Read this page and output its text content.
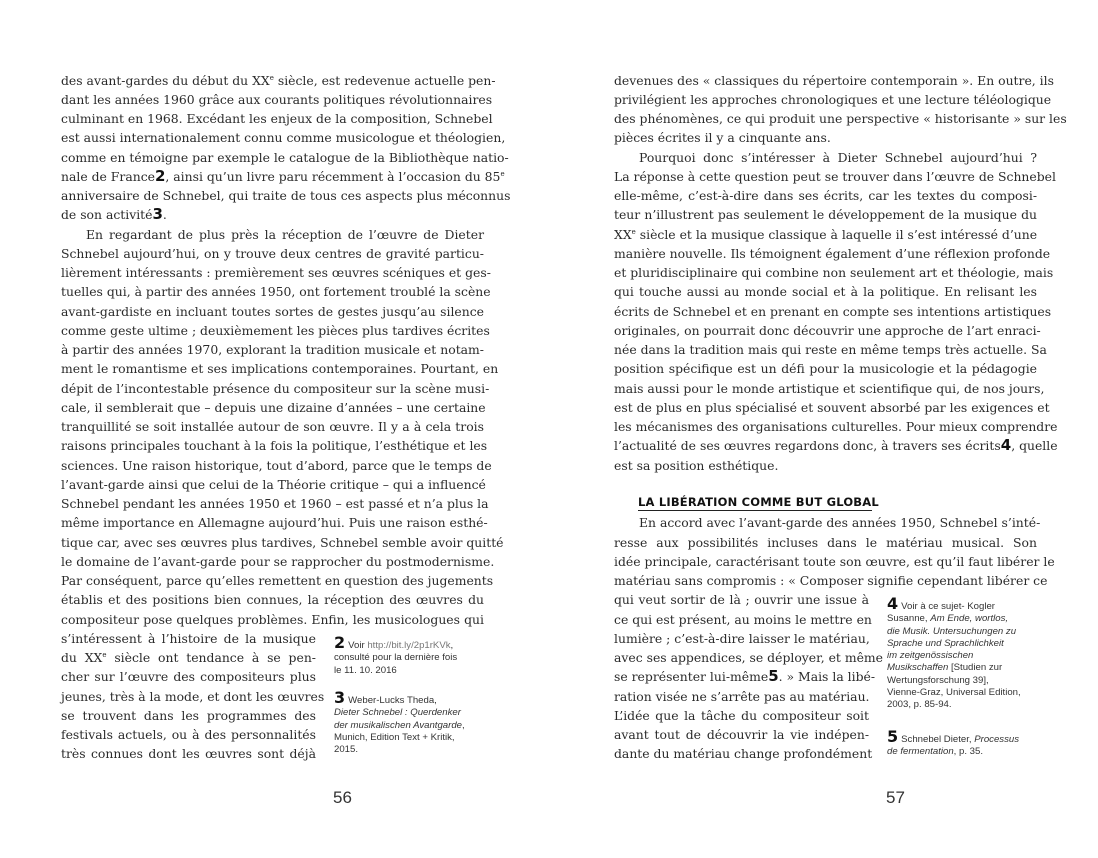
des avant-gardes du début du XXe siècle, est redevenue actuelle pen-
dant les années 1960 grâce aux courants politiques révolutionnaires
culminant en 1968. Excédant les enjeux de la composition, Schnebel
est aussi internationalement connu comme musicologue et théologien,
comme en témoigne par exemple le catalogue de la Bibliothèque natio-
nale de France2, ainsi qu’un livre paru récemment à l’occasion du 85e
anniversaire de Schnebel, qui traite de tous ces aspects plus méconnus
de son activité3.
En regardant de plus près la réception de l’œuvre de Dieter
Schnebel aujourd’hui, on y trouve deux centres de gravité particu-
lièrement intéressants : premièrement ses œuvres scéniques et ges-
tuelles qui, à partir des années 1950, ont fortement troublé la scène
avant-gardiste en incluant toutes sortes de gestes jusqu’au silence
comme geste ultime ; deuxièmement les pièces plus tardives écrites
à partir des années 1970, explorant la tradition musicale et notam-
ment le romantisme et ses implications contemporaines. Pourtant, en
dépit de l’incontestable présence du compositeur sur la scène musi-
cale, il semblerait que – depuis une dizaine d’années – une certaine
tranquillité se soit installée autour de son œuvre. Il y a à cela trois
raisons principales touchant à la fois la politique, l’esthétique et les
sciences. Une raison historique, tout d’abord, parce que le temps de
l’avant-garde ainsi que celui de la Théorie critique – qui a influencé
Schnebel pendant les années 1950 et 1960 – est passé et n’a plus la
même importance en Allemagne aujourd’hui. Puis une raison esthé-
tique car, avec ses œuvres plus tardives, Schnebel semble avoir quitté
le domaine de l’avant-garde pour se rapprocher du postmodernisme.
Par conséquent, parce qu’elles remettent en question des jugements
établis et des positions bien connues, la réception des œuvres du
compositeur pose quelques problèmes. Enfin, les musicologues qui
s’intéressent à l’histoire de la musique
du XXe siècle ont tendance à se pen-
cher sur l’œuvre des compositeurs plus
jeunes, très à la mode, et dont les œuvres
se trouvent dans les programmes des
festivals actuels, ou à des personnalités
très connues dont les œuvres sont déjà
2 Voir http://bit.ly/2p1rKVk,
consulté pour la dernière fois
le 11. 10. 2016
3 Weber-Lucks Theda,
Dieter Schnebel : Querdenker
der musikalischen Avantgarde,
Munich, Edition Text + Kritik,
2015.
56
devenues des « classiques du répertoire contemporain ». En outre, ils
privilégient les approches chronologiques et une lecture téléologique
des phénomènes, ce qui produit une perspective « historisante » sur les
pièces écrites il y a cinquante ans.
Pourquoi donc s’intéresser à Dieter Schnebel aujourd’hui ?
La réponse à cette question peut se trouver dans l’œuvre de Schnebel
elle-même, c’est-à-dire dans ses écrits, car les textes du composi-
teur n’illustrent pas seulement le développement de la musique du
XXe siècle et la musique classique à laquelle il s’est intéressé d’une
manière nouvelle. Ils témoignent également d’une réflexion profonde
et pluridisciplinaire qui combine non seulement art et théologie, mais
qui touche aussi au monde social et à la politique. En relisant les
écrits de Schnebel et en prenant en compte ses intentions artistiques
originales, on pourrait donc découvrir une approche de l’art enraci-
née dans la tradition mais qui reste en même temps très actuelle. Sa
position spécifique est un défi pour la musicologie et la pédagogie
mais aussi pour le monde artistique et scientifique qui, de nos jours,
est de plus en plus spécialisé et souvent absorbé par les exigences et
les mécanismes des organisations culturelles. Pour mieux comprendre
l’actualité de ses œuvres regardons donc, à travers ses écrits4, quelle
est sa position esthétique.
En accord avec l’avant-garde des années 1950, Schnebel s’inté-
resse aux possibilités incluses dans le matériau musical. Son
idée principale, caractérisant toute son œuvre, est qu’il faut libérer le
matériau sans compromis : « Composer signifie cependant libérer ce
qui veut sortir de là ; ouvrir une issue à
ce qui est présent, au moins le mettre en
lumière ; c’est-à-dire laisser le matériau,
avec ses appendices, se déployer, et même
se représenter lui-même5. » Mais la libé-
ration visée ne s’arrête pas au matériau.
L’idée que la tâche du compositeur soit
avant tout de découvrir la vie indépen-
dante du matériau change profondément
4 Voir à ce sujet- Kogler
Susanne, Am Ende, wortlos,
die Musik. Untersuchungen zu
Sprache und Sprachlichkeit
im zeitgenössischen
Musikschaffen [Studien zur
Wertungsforschung 39],
Vienne-Graz, Universal Edition,
2003, p. 85-94.
5 Schnebel Dieter, Processus
de fermentation, p. 35.
57
LA LIBÉRATION COMME BUT GLOBAL
